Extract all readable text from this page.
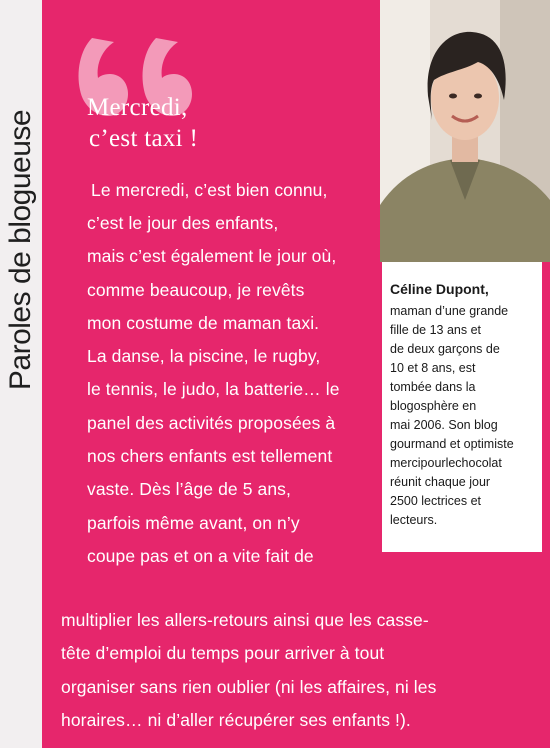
Paroles de blogueuse
Mercredi,
c’est taxi !
Le mercredi, c’est bien connu,
c’est le jour des enfants,
mais c’est également le jour où,
comme beaucoup, je revêts
mon costume de maman taxi.
La danse, la piscine, le rugby,
le tennis, le judo, la batterie… le
panel des activités proposées à
nos chers enfants est tellement
vaste. Dès l’âge de 5 ans,
parfois même avant, on n’y
coupe pas et on a vite fait de
multiplier les allers-retours ainsi que les casse-
tête d’emploi du temps pour arriver à tout
organiser sans rien oublier (ni les affaires, ni les
horaires… ni d’aller récupérer ses enfants !).
Céline Dupont,
maman d’une grande
fille de 13 ans et
de deux garçons de
10 et 8 ans, est
tombée dans la
blogosphère en
mai 2006. Son blog
gourmand et optimiste
mercipourlechocolat
réunit chaque jour
2500 lectrices et
lecteurs.
